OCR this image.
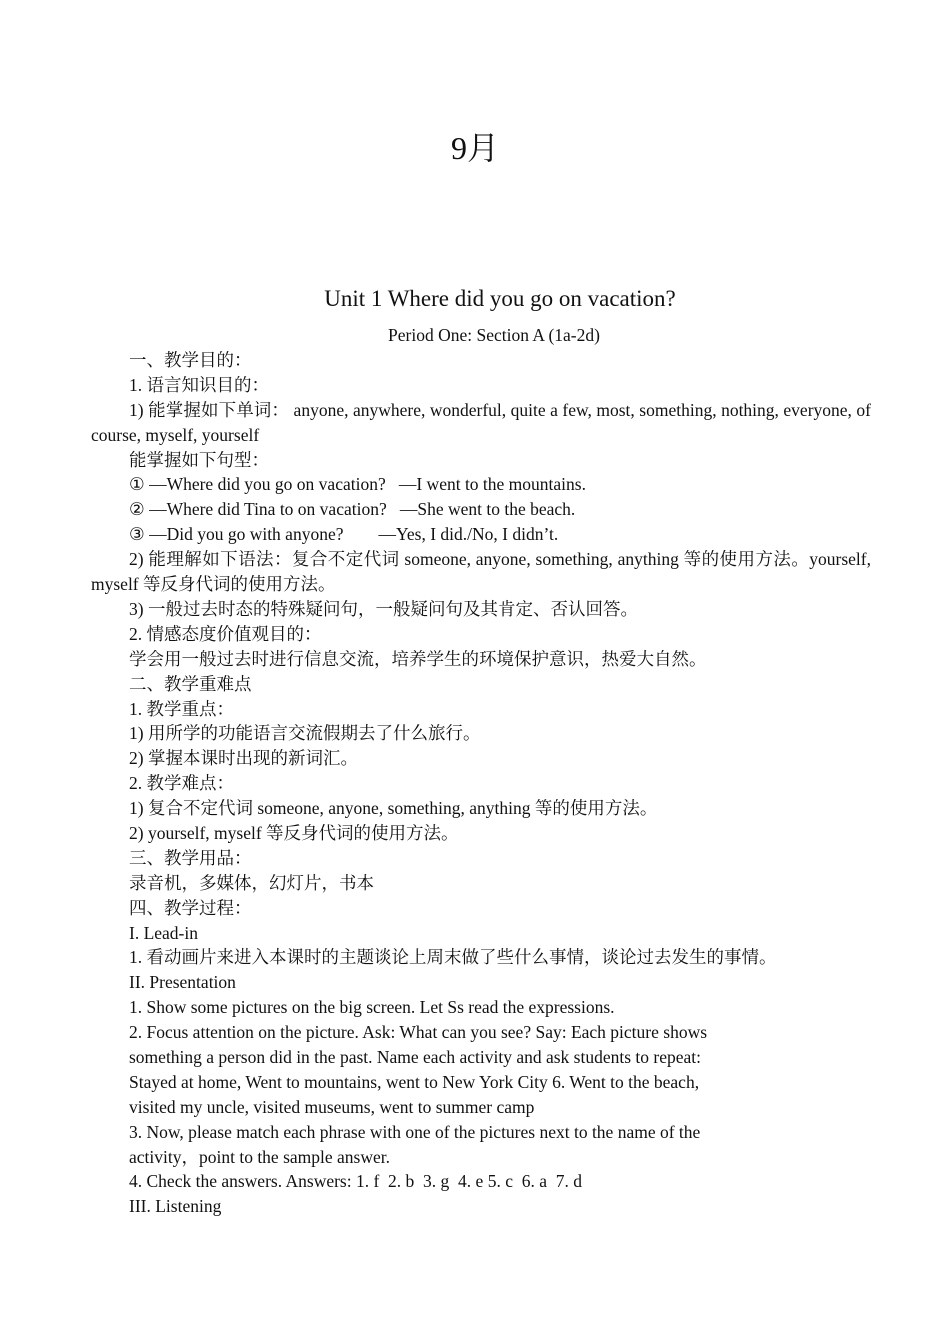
9月
Unit 1 Where did you go on vacation?
Period One: Section A (1a-2d)
一、教学目的：
1. 语言知识目的：
1) 能掌握如下单词： anyone, anywhere, wonderful, quite a few, most, something, nothing, everyone, of course, myself, yourself
能掌握如下句型：
① —Where did you go on vacation?   —I went to the mountains.
② —Where did Tina to on vacation?   —She went to the beach.
③ —Did you go with anyone?        —Yes, I did./No, I didn’t.
2) 能理解如下语法：复合不定代词 someone, anyone, something, anything 等的使用方法。yourself, myself 等反身代词的使用方法。
3) 一般过去时态的特殊疑问句，一般疑问句及其肯定、否认回答。
2. 情感态度价值观目的：
学会用一般过去时进行信息交流，培养学生的环境保护意识，热爱大自然。
二、教学重难点
1. 教学重点：
1) 用所学的功能语言交流假期去了什么旅行。
2) 掌握本课时出现的新词汇。
2. 教学难点：
1) 复合不定代词 someone, anyone, something, anything 等的使用方法。
2) yourself, myself 等反身代词的使用方法。
三、教学用品：
录音机，多媒体，幻灯片，书本
四、教学过程：
I. Lead-in
1. 看动画片来进入本课时的主题谈论上周末做了些什么事情，谈论过去发生的事情。
II. Presentation
1. Show some pictures on the big screen. Let Ss read the expressions.
2. Focus attention on the picture. Ask: What can you see? Say: Each picture shows
something a person did in the past. Name each activity and ask students to repeat:
Stayed at home, Went to mountains, went to New York City 6. Went to the beach,
visited my uncle, visited museums, went to summer camp
3. Now, please match each phrase with one of the pictures next to the name of the
activity，point to the sample answer.
4. Check the answers. Answers: 1. f  2. b  3. g  4. e 5. c  6. a  7. d
III. Listening
